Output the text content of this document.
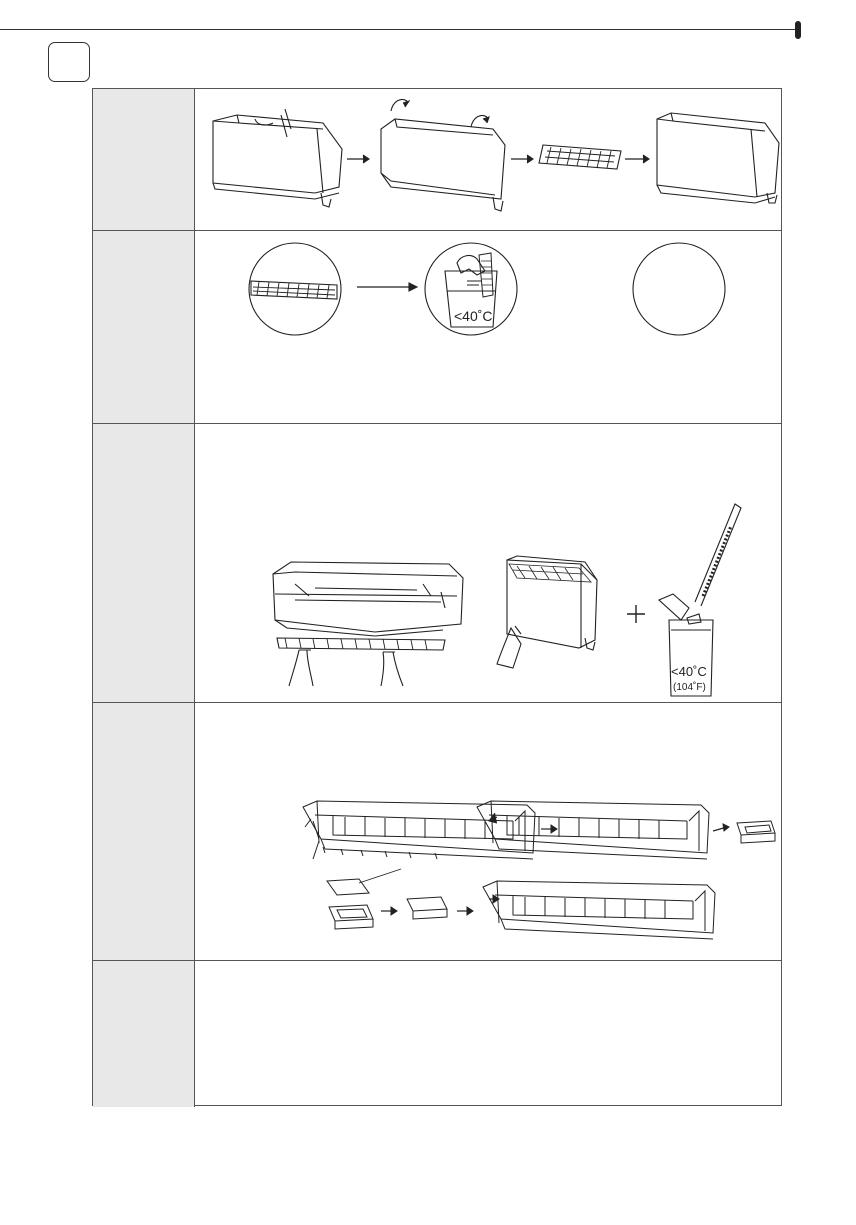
<40˚C
<40˚C
(104˚F)
